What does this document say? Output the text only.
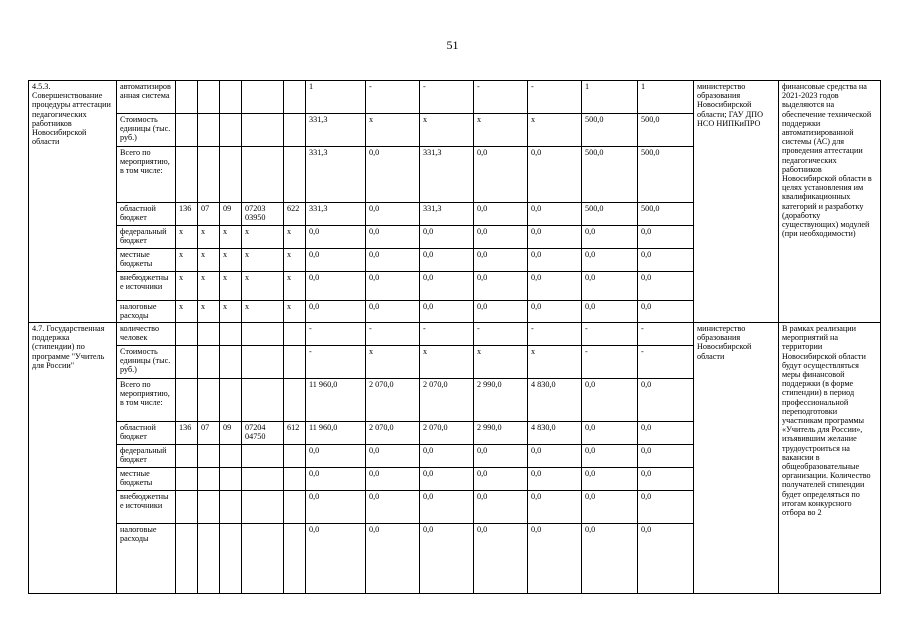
51
4.5.3. Совершенствование процедуры аттестации педагогических работников Новосибирской области	автоматизированная система						1	-	-	-	-	1	1	министерство образования Новосибирской области; ГАУ ДПО НСО НИПКиПРО	финансовые средства на 2021-2023 годов выделяются на обеспечение технической поддержки автоматизированной системы (АС) для проведения аттестации педагогических работников Новосибирской области в целях установления им квалификационных категорий и разработку (доработку существующих) модулей (при необходимости)
	Стоимость единицы (тыс. руб.)						331,3	х	х	х	х	500,0	500,0		
	Всего по мероприятию, в том числе:						331,3	0,0	331,3	0,0	0,0	500,0	500,0		
	областной бюджет	136	07	09	07203 03950	622	331,3	0,0	331,3	0,0	0,0	500,0	500,0		
	федеральный бюджет	х	х	х	х	х	0,0	0,0	0,0	0,0	0,0	0,0	0,0		
	местные бюджеты	х	х	х	х	х	0,0	0,0	0,0	0,0	0,0	0,0	0,0		
	внебюджетные источники	х	х	х	х	х	0,0	0,0	0,0	0,0	0,0	0,0	0,0		
	налоговые расходы	х	х	х	х	х	0,0	0,0	0,0	0,0	0,0	0,0	0,0		
4.7. Государственная поддержка (стипендии) по программе "Учитель для России"	количество человек						-	-	-	-	-	-	-	министерство образования Новосибирской области	В рамках реализации мероприятий на территории Новосибирской области будут осуществляться меры финансовой поддержки (в форме стипендии) в период профессиональной переподготовки участникам программы «Учитель для России», изъявившим желание трудоустроиться на вакансии в общеобразовательные организации. Количество получателей стипендии будет определяться по итогам конкурсного отбора во 2
	Стоимость единицы (тыс. руб.)						-	х	х	х	х	-	-		
	Всего по мероприятию, в том числе:						11 960,0	2 070,0	2 070,0	2 990,0	4 830,0	0,0	0,0		
	областной бюджет	136	07	09	07204 04750	612	11 960,0	2 070,0	2 070,0	2 990,0	4 830,0	0,0	0,0		
	федеральный бюджет						0,0	0,0	0,0	0,0	0,0	0,0	0,0		
	местные бюджеты						0,0	0,0	0,0	0,0	0,0	0,0	0,0		
	внебюджетные источники						0,0	0,0	0,0	0,0	0,0	0,0	0,0		
	налоговые расходы						0,0	0,0	0,0	0,0	0,0	0,0	0,0		
